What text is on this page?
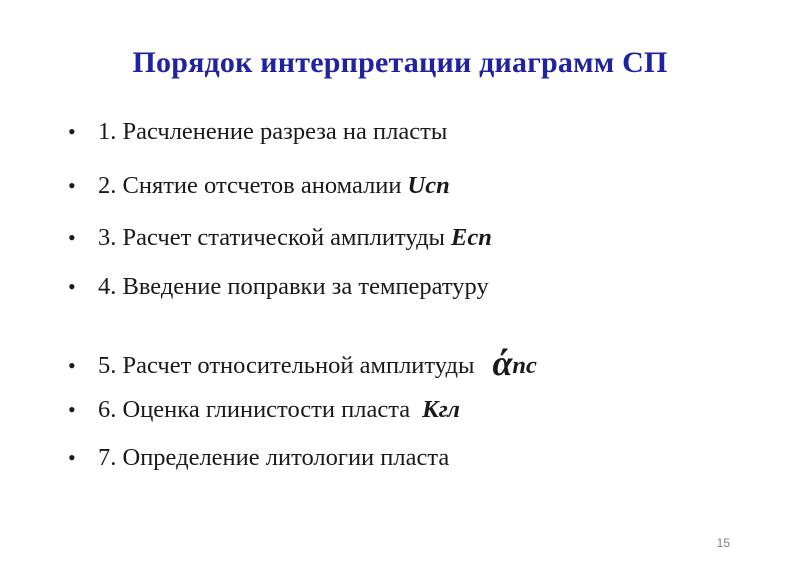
Порядок интерпретации диаграмм СП
• 1. Расчленение разреза на пласты
• 2. Снятие отсчетов аномалии Uсп
• 3. Расчет статической амплитуды Есп
• 4. Введение поправки за температуру
• 5. Расчет относительной амплитуды ά пс
• 6. Оценка глинистости пласта Кгл
• 7. Определение литологии пласта
15
